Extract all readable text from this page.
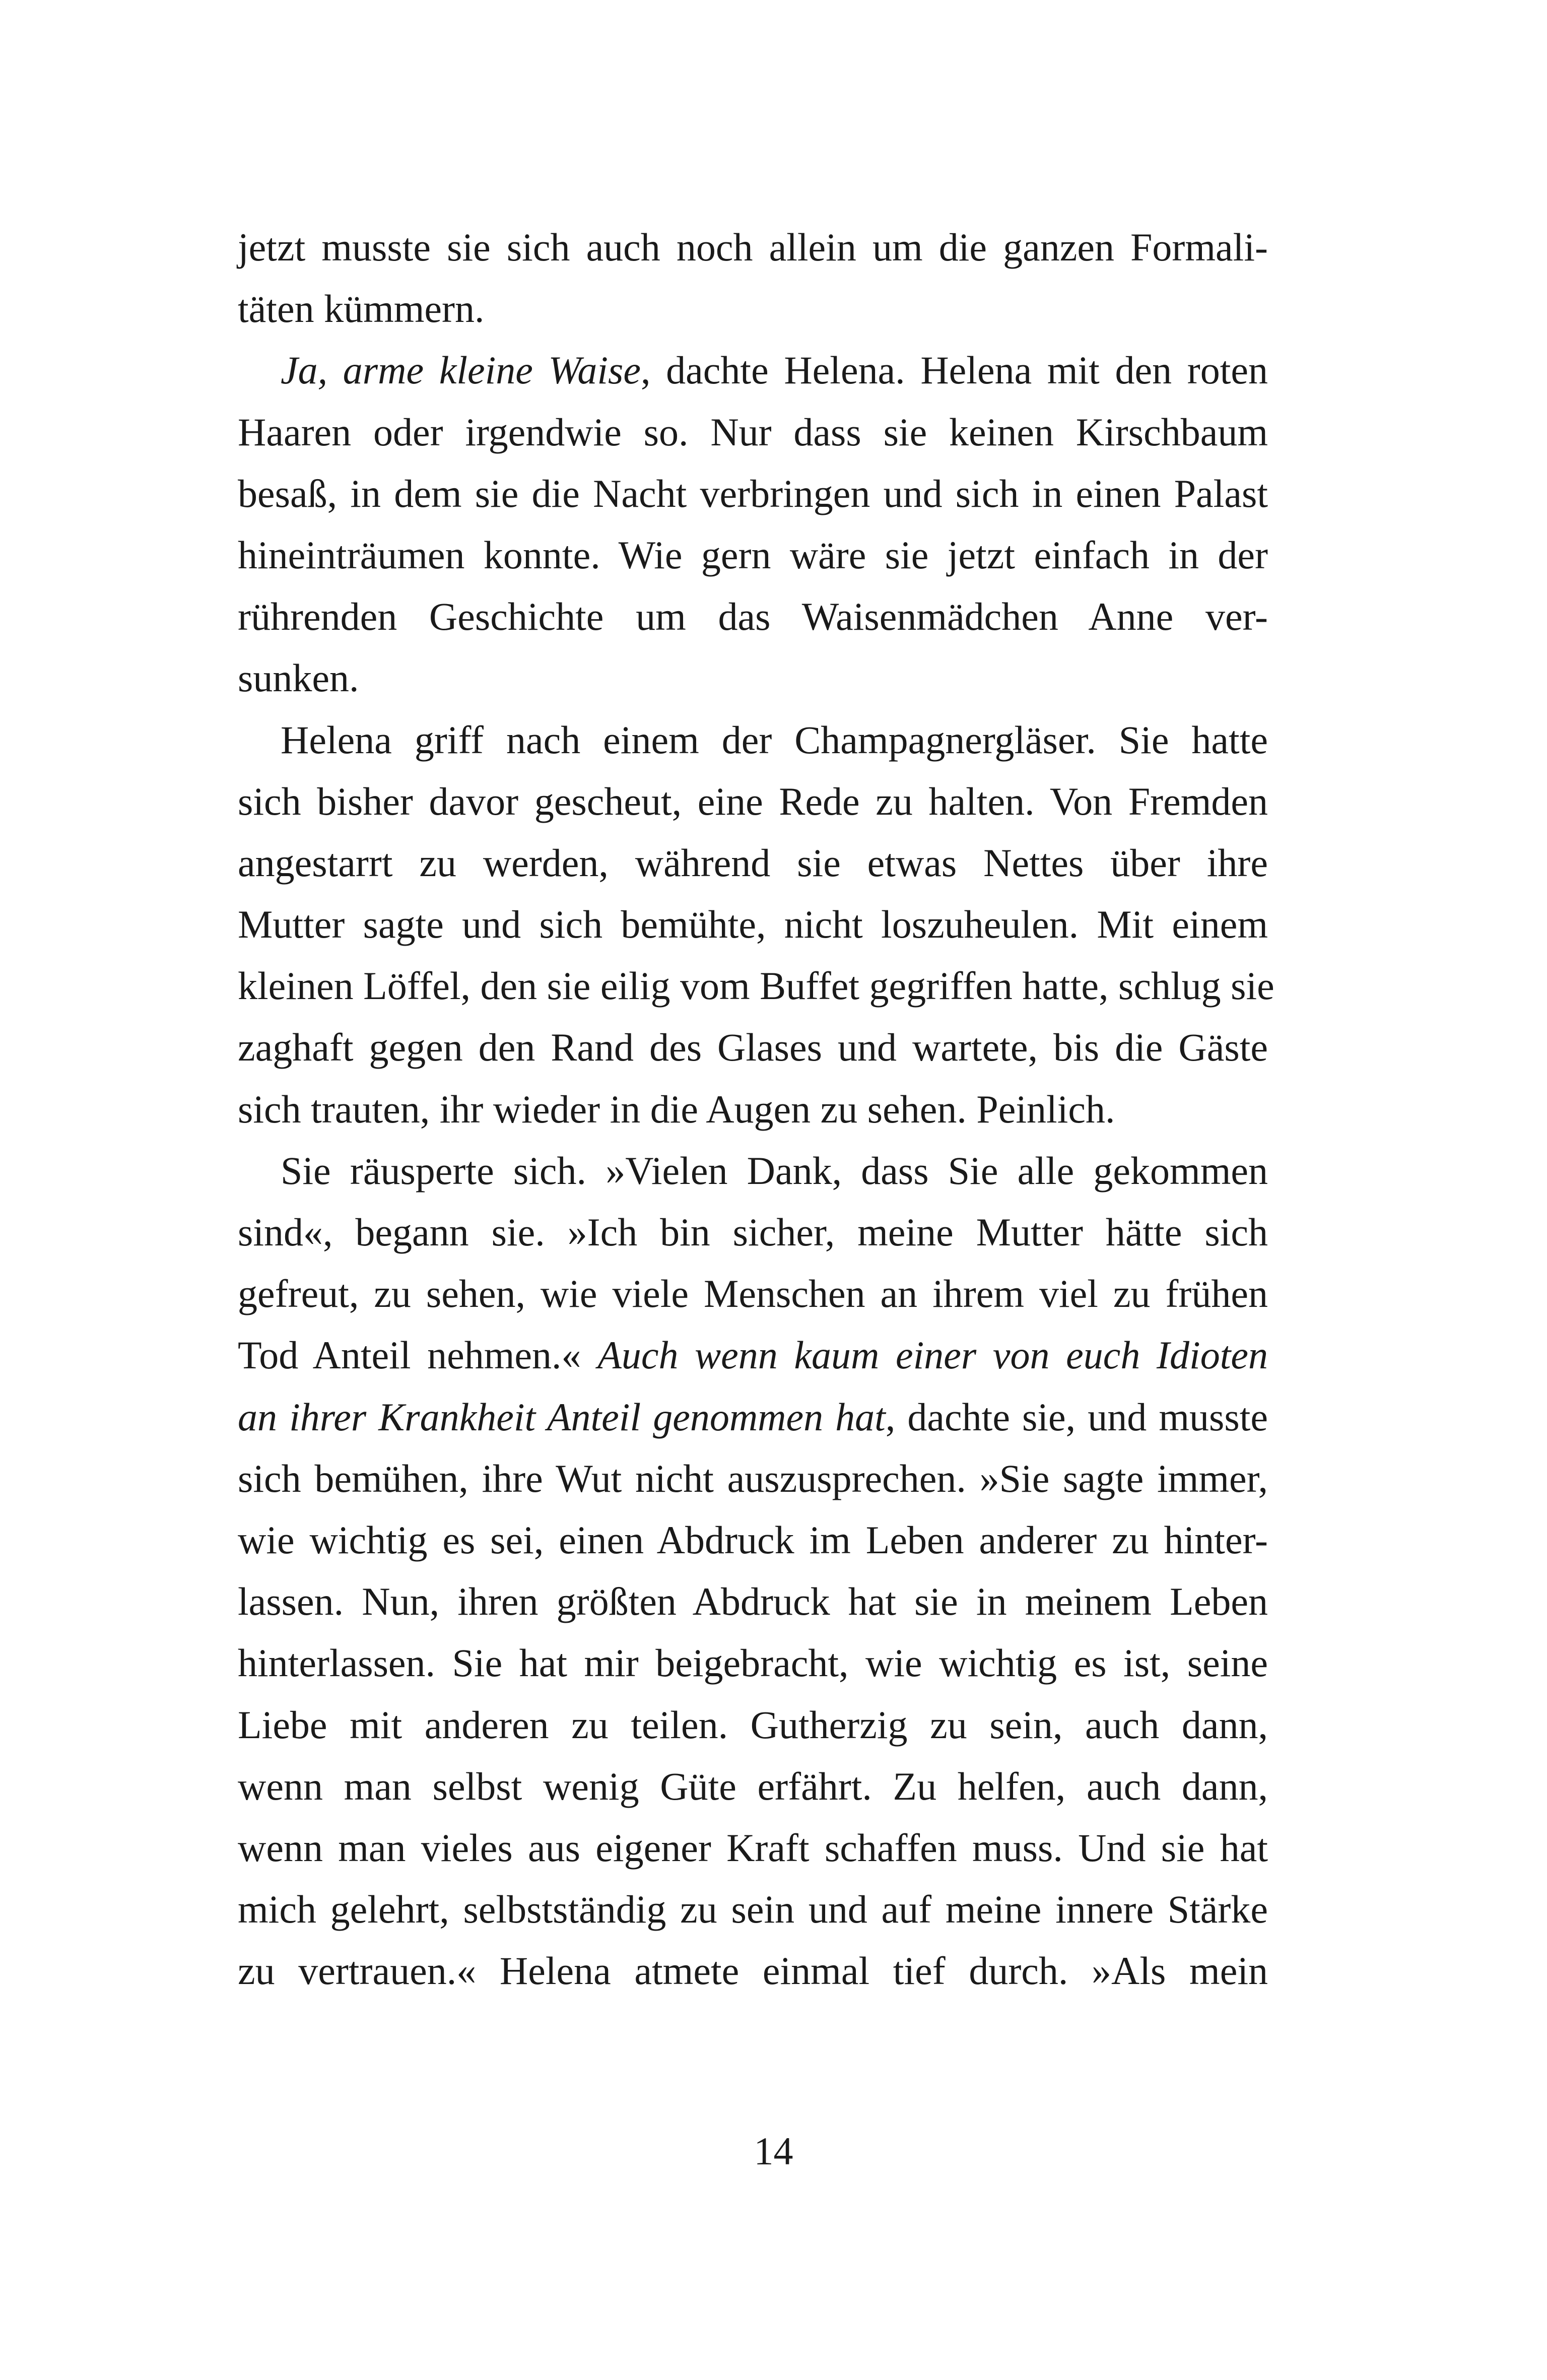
jetzt musste sie sich auch noch allein um die ganzen Formali-
täten kümmern.
Ja, arme kleine Waise, dachte Helena. Helena mit den roten
Haaren oder irgendwie so. Nur dass sie keinen Kirschbaum
besaß, in dem sie die Nacht verbringen und sich in einen Palast
hineinträumen konnte. Wie gern wäre sie jetzt einfach in der
rührenden Geschichte um das Waisenmädchen Anne ver-
sunken.
Helena griff nach einem der Champagnergläser. Sie hatte
sich bisher davor gescheut, eine Rede zu halten. Von Fremden
angestarrt zu werden, während sie etwas Nettes über ihre
Mutter sagte und sich bemühte, nicht loszuheulen. Mit einem
kleinen Löffel, den sie eilig vom Buffet gegriffen hatte, schlug sie
zaghaft gegen den Rand des Glases und wartete, bis die Gäste
sich trauten, ihr wieder in die Augen zu sehen. Peinlich.
Sie räusperte sich. »Vielen Dank, dass Sie alle gekommen
sind«, begann sie. »Ich bin sicher, meine Mutter hätte sich
gefreut, zu sehen, wie viele Menschen an ihrem viel zu frühen
Tod Anteil nehmen.« Auch wenn kaum einer von euch Idioten
an ihrer Krankheit Anteil genommen hat, dachte sie, und musste
sich bemühen, ihre Wut nicht auszusprechen. »Sie sagte immer,
wie wichtig es sei, einen Abdruck im Leben anderer zu hinter-
lassen. Nun, ihren größten Abdruck hat sie in meinem Leben
hinterlassen. Sie hat mir beigebracht, wie wichtig es ist, seine
Liebe mit anderen zu teilen. Gutherzig zu sein, auch dann,
wenn man selbst wenig Güte erfährt. Zu helfen, auch dann,
wenn man vieles aus eigener Kraft schaffen muss. Und sie hat
mich gelehrt, selbstständig zu sein und auf meine innere Stärke
zu vertrauen.« Helena atmete einmal tief durch. »Als mein
14
